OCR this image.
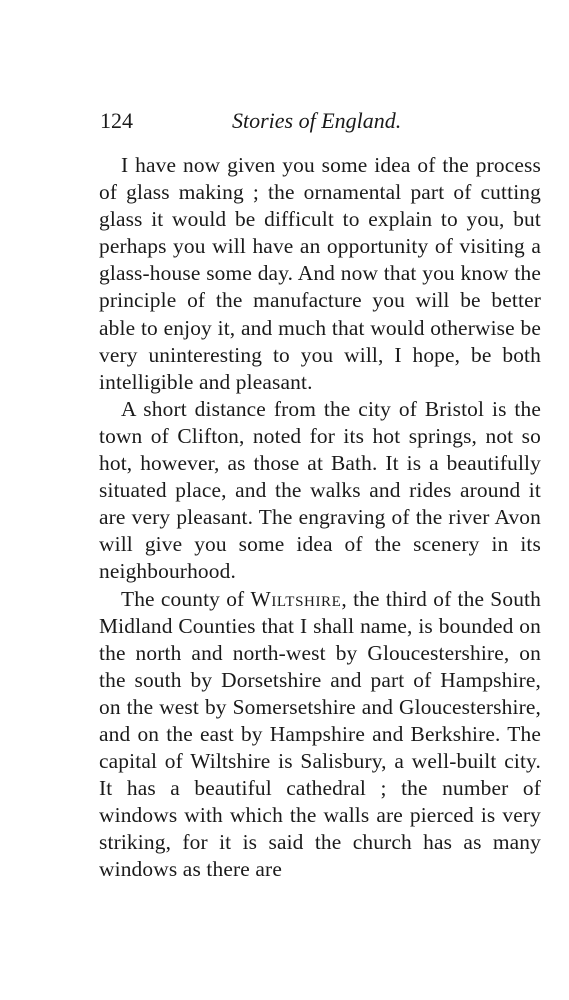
124	Stories of England.

I have now given you some idea of the process of glass making ; the ornamental part of cutting glass it would be difficult to explain to you, but perhaps you will have an opportunity of visiting a glass-house some day. And now that you know the principle of the manufacture you will be better able to enjoy it, and much that would otherwise be very uninteresting to you will, I hope, be both intelligible and pleasant.

A short distance from the city of Bristol is the town of Clifton, noted for its hot springs, not so hot, however, as those at Bath. It is a beautifully situated place, and the walks and rides around it are very pleasant. The engraving of the river Avon will give you some idea of the scenery in its neighbourhood.

The county of Wiltshire, the third of the South Midland Counties that I shall name, is bounded on the north and north-west by Gloucestershire, on the south by Dorsetshire and part of Hampshire, on the west by Somersetshire and Gloucestershire, and on the east by Hampshire and Berkshire. The capital of Wiltshire is Salisbury, a well-built city. It has a beautiful cathedral ; the number of windows with which the walls are pierced is very striking, for it is said the church has as many windows as there are
